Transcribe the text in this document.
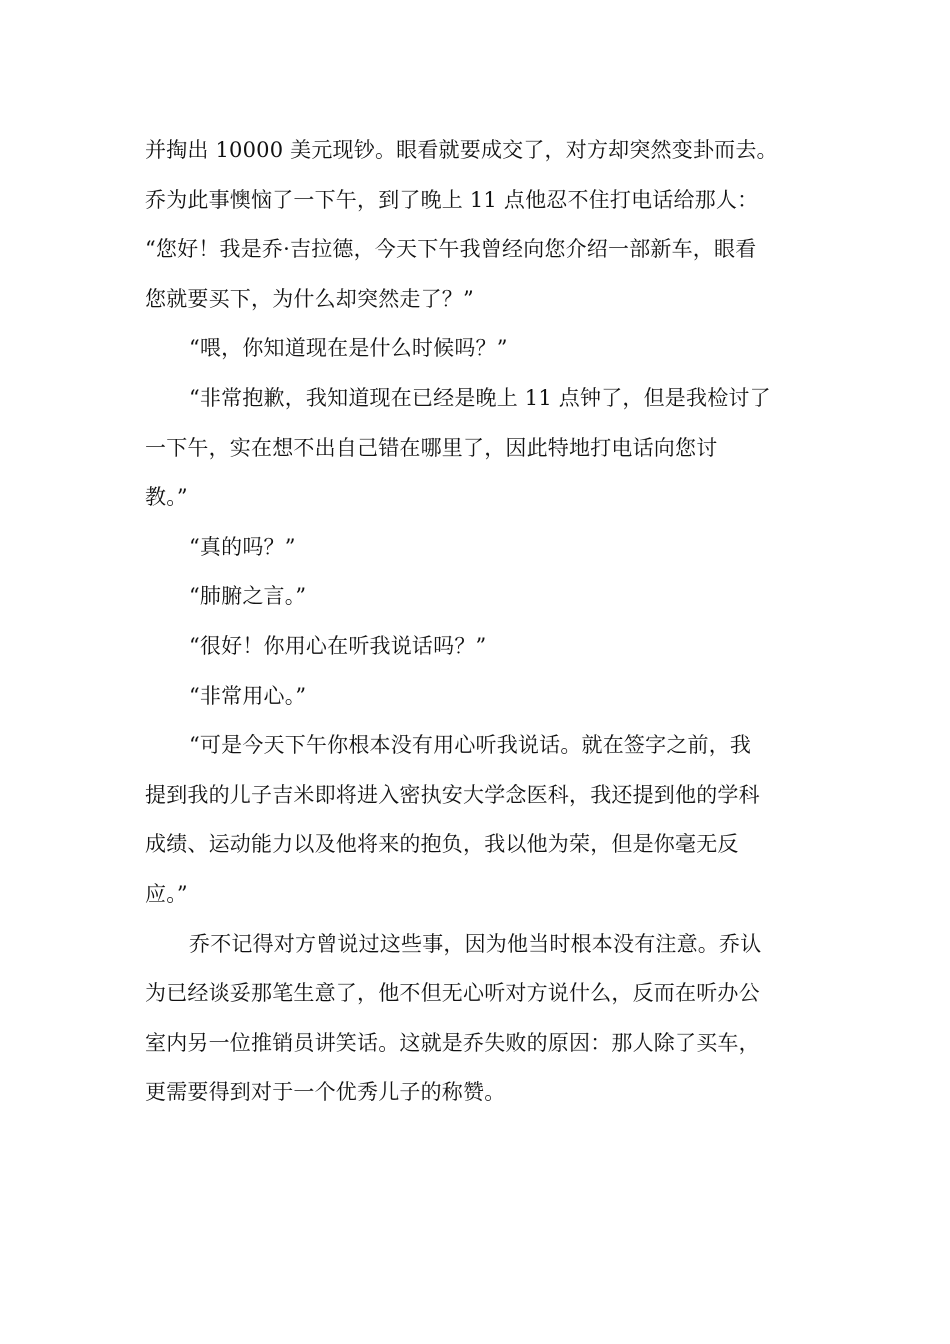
并掏出 10000 美元现钞。眼看就要成交了，对方却突然变卦而去。
乔为此事懊恼了一下午，到了晚上 11 点他忍不住打电话给那人：
“您好！我是乔·吉拉德，今天下午我曾经向您介绍一部新车，眼看
您就要买下，为什么却突然走了？”
“喂，你知道现在是什么时候吗？”
“非常抱歉，我知道现在已经是晚上 11 点钟了，但是我检讨了
一下午，实在想不出自己错在哪里了，因此特地打电话向您讨
教。”
“真的吗？”
“肺腑之言。”
“很好！你用心在听我说话吗？”
“非常用心。”
“可是今天下午你根本没有用心听我说话。就在签字之前，我
提到我的儿子吉米即将进入密执安大学念医科，我还提到他的学科
成绩、运动能力以及他将来的抱负，我以他为荣，但是你毫无反
应。”
乔不记得对方曾说过这些事，因为他当时根本没有注意。乔认
为已经谈妥那笔生意了，他不但无心听对方说什么，反而在听办公
室内另一位推销员讲笑话。这就是乔失败的原因：那人除了买车，
更需要得到对于一个优秀儿子的称赞。
